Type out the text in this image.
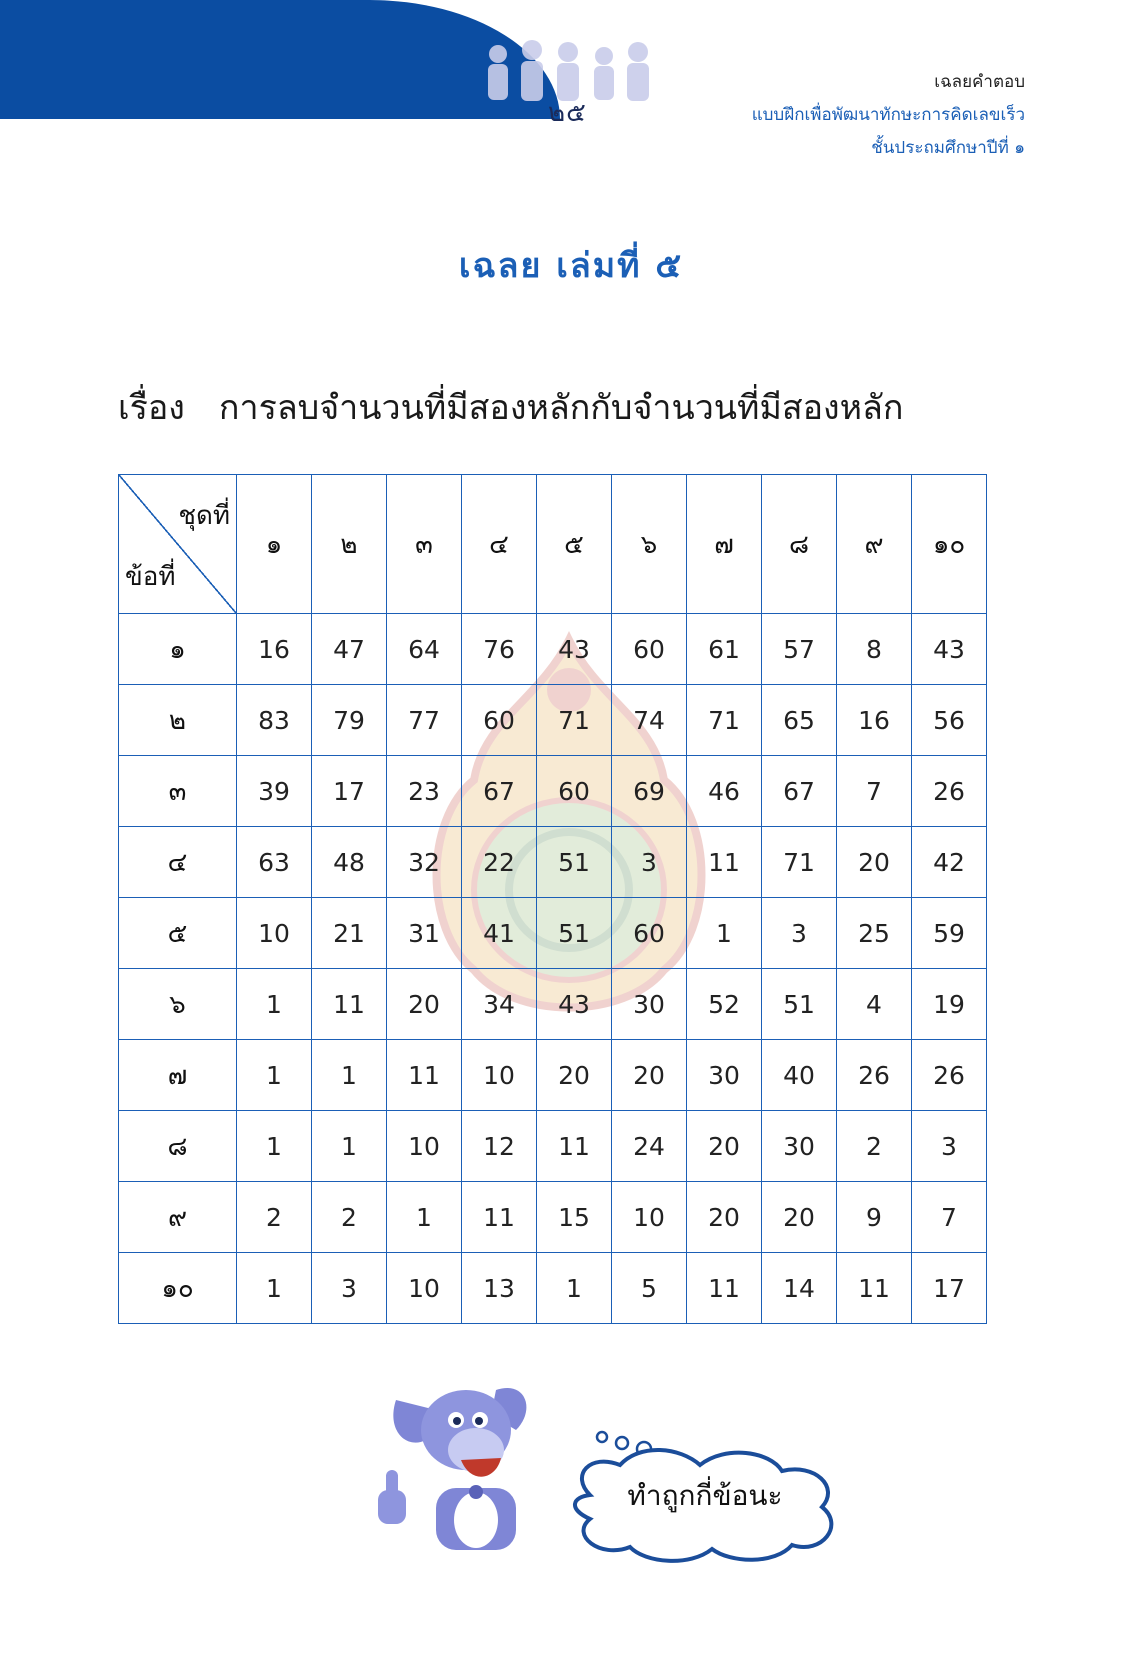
๒๕
เฉลยคำตอบ
แบบฝึกเพื่อพัฒนาทักษะการคิดเลขเร็ว
ชั้นประถมศึกษาปีที่ ๑
เฉลย เล่มที่ ๕
เรื่อง การลบจำนวนที่มีสองหลักกับจำนวนที่มีสองหลัก
ชุดที่
ข้อที่	๑	๒	๓	๔	๕	๖	๗	๘	๙	๑๐
๑	16	47	64	76	43	60	61	57	8	43
๒	83	79	77	60	71	74	71	65	16	56
๓	39	17	23	67	60	69	46	67	7	26
๔	63	48	32	22	51	3	11	71	20	42
๕	10	21	31	41	51	60	1	3	25	59
๖	1	11	20	34	43	30	52	51	4	19
๗	1	1	11	10	20	20	30	40	26	26
๘	1	1	10	12	11	24	20	30	2	3
๙	2	2	1	11	15	10	20	20	9	7
๑๐	1	3	10	13	1	5	11	14	11	17
ทำถูกกี่ข้อนะ
